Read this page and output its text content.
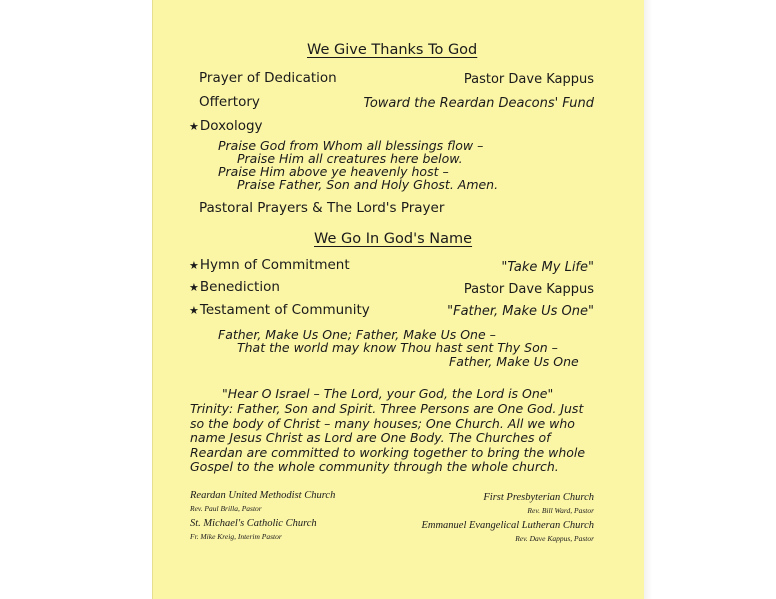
We Give Thanks To God
Prayer of Dedication	Pastor Dave Kappus
Offertory	Toward the Reardan Deacons' Fund
★Doxology
Praise God from Whom all blessings flow –
Praise Him all creatures here below.
Praise Him above ye heavenly host –
Praise Father, Son and Holy Ghost. Amen.
Pastoral Prayers & The Lord's Prayer
We Go In God's Name
★Hymn of Commitment	"Take My Life"
★Benediction	Pastor Dave Kappus
★Testament of Community	"Father, Make Us One"
Father, Make Us One; Father, Make Us One –
That the world may know Thou hast sent Thy Son –
Father, Make Us One
"Hear O Israel – The Lord, your God, the Lord is One"
Trinity: Father, Son and Spirit. Three Persons are One God. Just so the body of Christ – many houses; One Church. All we who name Jesus Christ as Lord are One Body. The Churches of Reardan are committed to working together to bring the whole Gospel to the whole community through the whole church.
Reardan United Methodist Church
Rev. Paul Brilla, Pastor
First Presbyterian Church
Rev. Bill Ward, Pastor
St. Michael's Catholic Church
Fr. Mike Kreig, Interim Pastor
Emmanuel Evangelical Lutheran Church
Rev. Dave Kappus, Pastor
